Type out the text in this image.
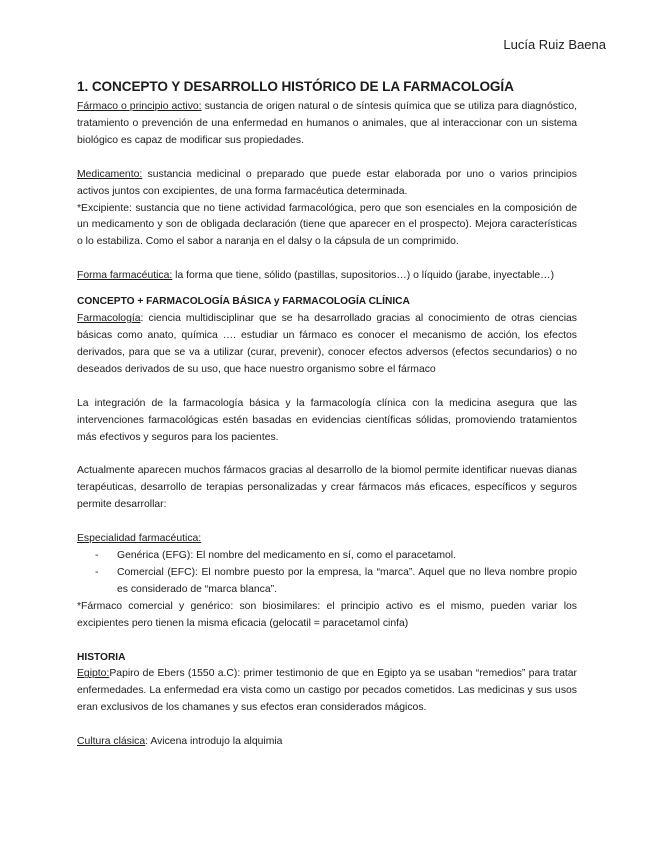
Lucía Ruiz Baena
1. CONCEPTO Y DESARROLLO HISTÓRICO DE LA FARMACOLOGÍA

Fármaco o principio activo: sustancia de origen natural o de síntesis química que se utiliza para diagnóstico, tratamiento o prevención de una enfermedad en humanos o animales, que al interaccionar con un sistema biológico es capaz de modificar sus propiedades.

Medicamento: sustancia medicinal o preparado que puede estar elaborada por uno o varios principios activos juntos con excipientes, de una forma farmacéutica determinada.

*Excipiente: sustancia que no tiene actividad farmacológica, pero que son esenciales en la composición de un medicamento y son de obligada declaración (tiene que aparecer en el prospecto). Mejora características o lo estabiliza. Como el sabor a naranja en el dalsy o la cápsula de un comprimido.

Forma farmacéutica: la forma que tiene, sólido (pastillas, supositorios…) o líquido (jarabe, inyectable…)

CONCEPTO + FARMACOLOGÍA BÁSICA y FARMACOLOGÍA CLÍNICA

Farmacología: ciencia multidisciplinar que se ha desarrollado gracias al conocimiento de otras ciencias básicas como anato, química …. estudiar un fármaco es conocer el mecanismo de acción, los efectos derivados, para que se va a utilizar (curar, prevenir), conocer efectos adversos (efectos secundarios) o no deseados derivados de su uso, que hace nuestro organismo sobre el fármaco

La integración de la farmacología básica y la farmacología clínica con la medicina asegura que las intervenciones farmacológicas estén basadas en evidencias científicas sólidas, promoviendo tratamientos más efectivos y seguros para los pacientes.

Actualmente aparecen muchos fármacos gracias al desarrollo de la biomol permite identificar nuevas dianas terapéuticas, desarrollo de terapias personalizadas y crear fármacos más eficaces, específicos y seguros permite desarrollar:

Especialidad farmacéutica:

- Genérica (EFG): El nombre del medicamento en sí, como el paracetamol.
- Comercial (EFC): El nombre puesto por la empresa, la “marca”. Aquel que no lleva nombre propio es considerado de “marca blanca”.

*Fármaco comercial y genérico: son biosimilares: el principio activo es el mismo, pueden variar los excipientes pero tienen la misma eficacia (gelocatil = paracetamol cinfa)

HISTORIA

Egipto:Papiro de Ebers (1550 a.C): primer testimonio de que en Egipto ya se usaban “remedios” para tratar enfermedades. La enfermedad era vista como un castigo por pecados cometidos. Las medicinas y sus usos eran exclusivos de los chamanes y sus efectos eran considerados mágicos.

Cultura clásica: Avicena introdujo la alquimia
